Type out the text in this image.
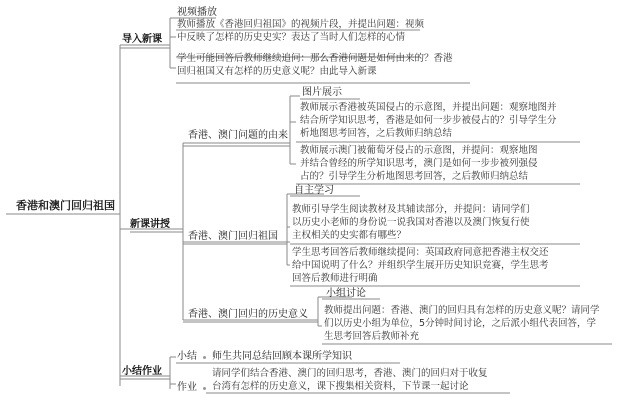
香港和澳门回归祖国
导入新课
视频播放
教师播放《香港回归祖国》的视频片段，并提出问题：视频
中反映了怎样的历史史实？表达了当时人们怎样的心情
学生可能回答后教师继续追问：那么香港问题是如何由来的？香港
回归祖国又有怎样的历史意义呢？由此导入新课
新课讲授
香港、澳门问题的由来
图片展示
教师展示香港被英国侵占的示意图，并提出问题：观察地图并
结合所学知识思考，香港是如何一步步被侵占的？引导学生分
析地图思考回答，之后教师归纳总结
教师展示澳门被葡萄牙侵占的示意图，并提问：观察地图
并结合曾经的所学知识思考，澳门是如何一步步被列强侵
占的？引导学生分析地图思考回答，之后教师归纳总结
香港、澳门回归祖国
自主学习
教师引导学生阅读教材及其辅读部分，并提问：请同学们
以历史小老师的身份说一说我国对香港以及澳门恢复行使
主权相关的史实都有哪些？
学生思考回答后教师继续提问：英国政府同意把香港主权交还
给中国说明了什么？并组织学生展开历史知识竞赛，学生思考
回答后教师进行明确
香港、澳门回归的历史意义
小组讨论
教师提出问题：香港、澳门的回归具有怎样的历史意义呢？请同学
们以历史小组为单位，5分钟时间讨论，之后派小组代表回答，学
生思考回答后教师补充
小结作业
小结 师生共同总结回顾本课所学知识
作业
请同学们结合香港、澳门的回归思考，香港、澳门的回归对于收复
台湾有怎样的历史意义，课下搜集相关资料，下节课一起讨论
